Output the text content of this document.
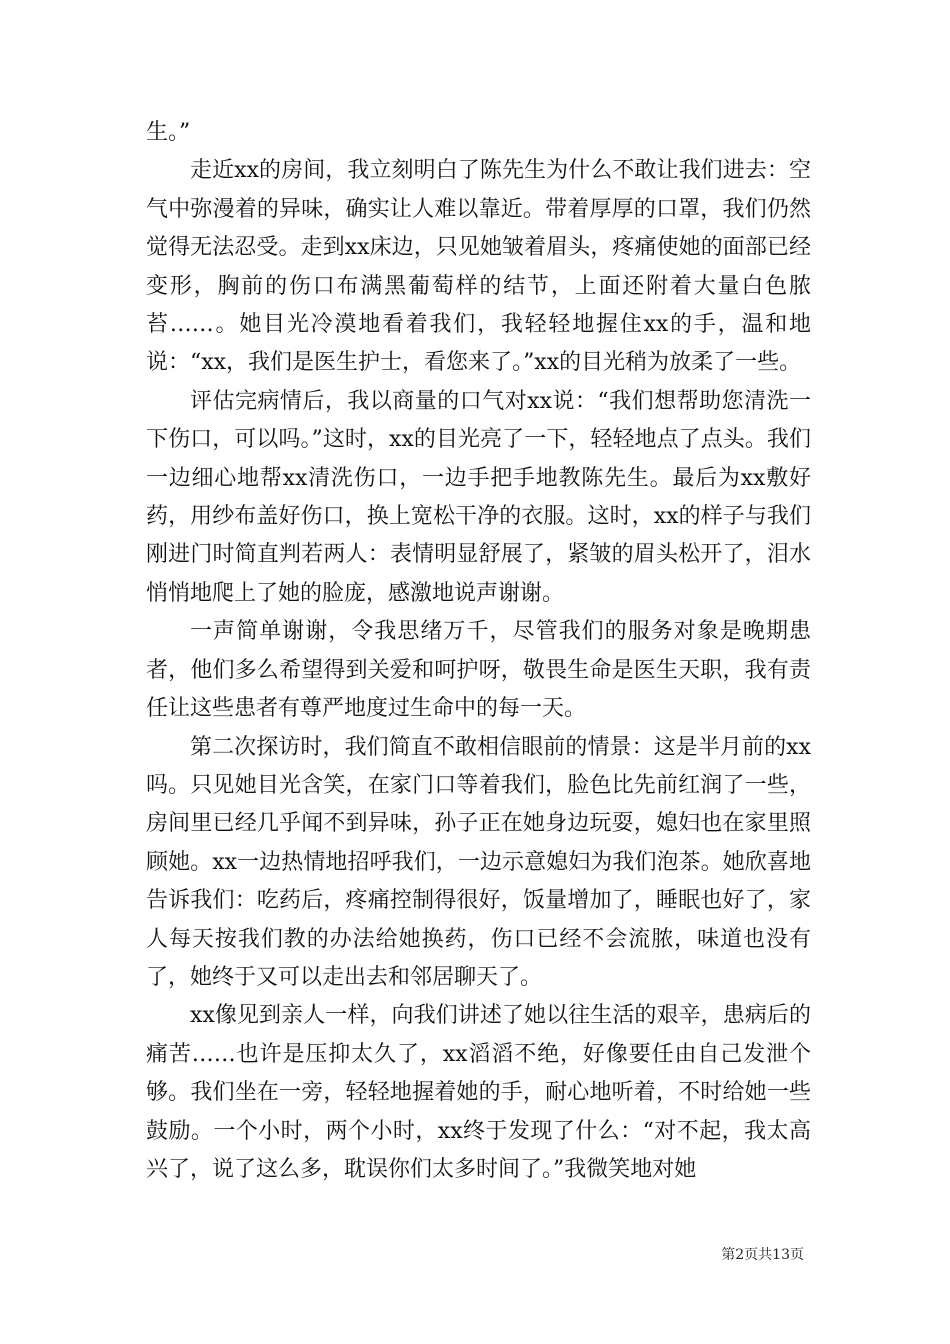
生。”

走近xx的房间，我立刻明白了陈先生为什么不敢让我们进去：空气中弥漫着的异味，确实让人难以靠近。带着厚厚的口罩，我们仍然觉得无法忍受。走到xx床边，只见她皱着眉头，疼痛使她的面部已经变形，胸前的伤口布满黑葡萄样的结节，上面还附着大量白色脓苔……。她目光冷漠地看着我们，我轻轻地握住xx的手，温和地说：“xx，我们是医生护士，看您来了。”xx的目光稍为放柔了一些。

评估完病情后，我以商量的口气对xx说：“我们想帮助您清洗一下伤口，可以吗。”这时，xx的目光亮了一下，轻轻地点了点头。我们一边细心地帮xx清洗伤口，一边手把手地教陈先生。最后为xx敷好药，用纱布盖好伤口，换上宽松干净的衣服。这时，xx的样子与我们刚进门时简直判若两人：表情明显舒展了，紧皱的眉头松开了，泪水悄悄地爬上了她的脸庞，感激地说声谢谢。

一声简单谢谢，令我思绪万千，尽管我们的服务对象是晚期患者，他们多么希望得到关爱和呵护呀，敬畏生命是医生天职，我有责任让这些患者有尊严地度过生命中的每一天。

第二次探访时，我们简直不敢相信眼前的情景：这是半月前的xx吗。只见她目光含笑，在家门口等着我们，脸色比先前红润了一些，房间里已经几乎闻不到异味，孙子正在她身边玩耍，媳妇也在家里照顾她。xx一边热情地招呼我们，一边示意媳妇为我们泡茶。她欣喜地告诉我们：吃药后，疼痛控制得很好，饭量增加了，睡眠也好了，家人每天按我们教的办法给她换药，伤口已经不会流脓，味道也没有了，她终于又可以走出去和邻居聊天了。

xx像见到亲人一样，向我们讲述了她以往生活的艰辛，患病后的痛苦……也许是压抑太久了，xx滔滔不绝，好像要任由自己发泄个够。我们坐在一旁，轻轻地握着她的手，耐心地听着，不时给她一些鼓励。一个小时，两个小时，xx终于发现了什么：“对不起，我太高兴了，说了这么多，耽误你们太多时间了。”我微笑地对她

第2页共13页
